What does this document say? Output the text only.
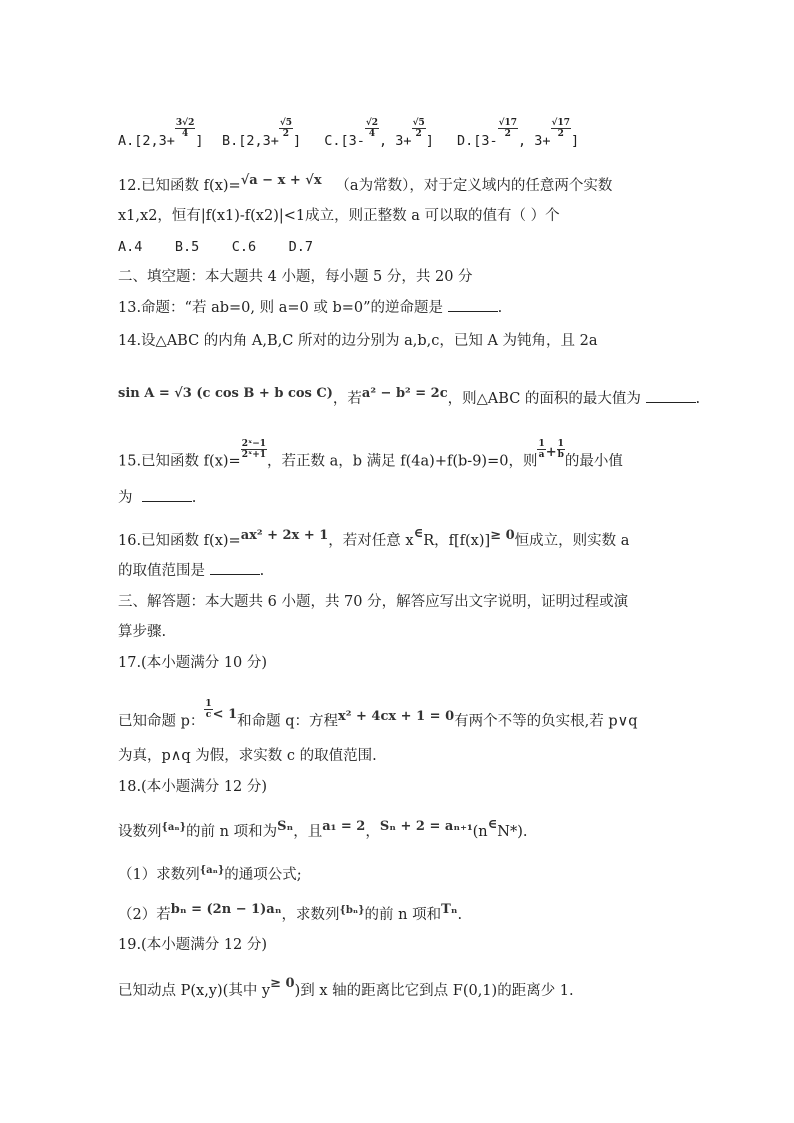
A.[2,3+
$\frac{3√2}{4}$
] B.[2,3+
$\frac{√5}{2}$
] C.[3-
$\frac{√2}{4}$
, 3+
$\frac{√5}{2}$
] D.[3-
$\frac{√17}{2}$
, 3+
$\frac{√17}{2}$
]
12.已知函数 f(x)=√a − x + √x （a为常数），对于定义域内的任意两个实数
x1,x2，恒有|f(x1)-f(x2)|<1成立，则正整数 a 可以取的值有（ ）个
A.4    B.5    C.6    D.7
二、填空题：本大题共 4 小题，每小题 5 分，共 20 分
13.命题：“若 ab=0, 则 a=0 或 b=0”的逆命题是	.
14.设△ABC 的内角 A,B,C 所对的边分别为 a,b,c，已知 A 为钝角，且 2a
sin A = √3 (c cos B + b cos C)，若a² − b² = 2c，则△ABC 的面积的最大值为	.
15.已知函数 f(x)=
$\frac{\text{2ˣ−1}}{\text{2ˣ+1}}$
，若正数 a，b 满足 f(4a)+f(b-9)=0，则
$\frac{1}{a} + \frac{1}{b}$
的最小值
为	.
16.已知函数 f(x)=ax² + 2x + 1，若对任意 x∈R，f[f(x)]≥ 0恒成立，则实数 a
的取值范围是	.
三、解答题：本大题共 6 小题，共 70 分，解答应写出文字说明，证明过程或演
算步骤.
17.(本小题满分 10 分)
已知命题 p：
$\frac{1}{c} < 1$和命题 q：方程x² + 4cx + 1 = 0有两个不等的负实根,若 p∨q
为真，p∧q 为假，求实数 c 的取值范围.
18.(本小题满分 12 分)
设数列$^{\{a_n\}}$的前 n 项和为Sₙ，且a₁ = 2，Sₙ + 2 = aₙ₊₁(n∈N*).
（1）求数列$^{\{a_n\}}$的通项公式;
（2）若bₙ = (2n − 1)aₙ，求数列$^{\{b_n\}}$的前 n 项和Tₙ.
19.(本小题满分 12 分)
已知动点 P(x,y)(其中 y≥ 0)到 x 轴的距离比它到点 F(0,1)的距离少 1.
